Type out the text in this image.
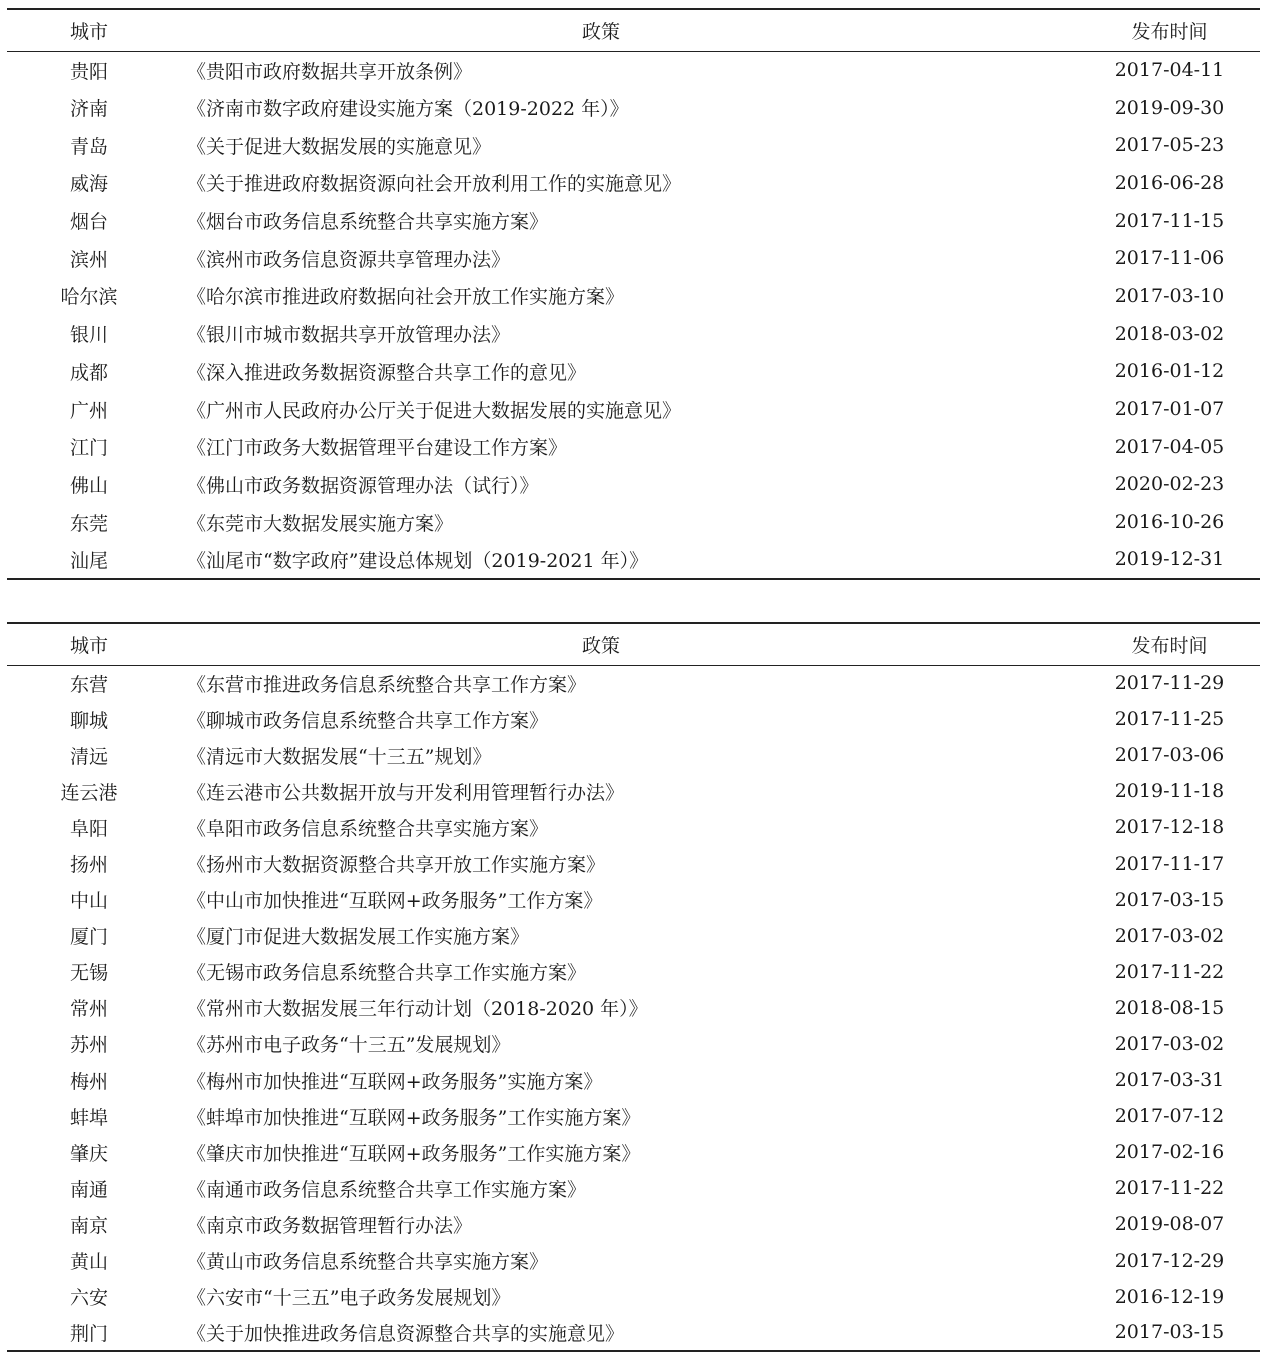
城市	政策	发布时间
贵阳	《贵阳市政府数据共享开放条例》	2017-04-11
济南	《济南市数字政府建设实施方案（2019-2022 年）》	2019-09-30
青岛	《关于促进大数据发展的实施意见》	2017-05-23
威海	《关于推进政府数据资源向社会开放利用工作的实施意见》	2016-06-28
烟台	《烟台市政务信息系统整合共享实施方案》	2017-11-15
滨州	《滨州市政务信息资源共享管理办法》	2017-11-06
哈尔滨	《哈尔滨市推进政府数据向社会开放工作实施方案》	2017-03-10
银川	《银川市城市数据共享开放管理办法》	2018-03-02
成都	《深入推进政务数据资源整合共享工作的意见》	2016-01-12
广州	《广州市人民政府办公厅关于促进大数据发展的实施意见》	2017-01-07
江门	《江门市政务大数据管理平台建设工作方案》	2017-04-05
佛山	《佛山市政务数据资源管理办法（试行）》	2020-02-23
东莞	《东莞市大数据发展实施方案》	2016-10-26
汕尾	《汕尾市“数字政府”建设总体规划（2019-2021 年）》	2019-12-31
城市	政策	发布时间
东营	《东营市推进政务信息系统整合共享工作方案》	2017-11-29
聊城	《聊城市政务信息系统整合共享工作方案》	2017-11-25
清远	《清远市大数据发展“十三五”规划》	2017-03-06
连云港	《连云港市公共数据开放与开发利用管理暂行办法》	2019-11-18
阜阳	《阜阳市政务信息系统整合共享实施方案》	2017-12-18
扬州	《扬州市大数据资源整合共享开放工作实施方案》	2017-11-17
中山	《中山市加快推进“互联网+政务服务”工作方案》	2017-03-15
厦门	《厦门市促进大数据发展工作实施方案》	2017-03-02
无锡	《无锡市政务信息系统整合共享工作实施方案》	2017-11-22
常州	《常州市大数据发展三年行动计划（2018-2020 年）》	2018-08-15
苏州	《苏州市电子政务“十三五”发展规划》	2017-03-02
梅州	《梅州市加快推进“互联网+政务服务”实施方案》	2017-03-31
蚌埠	《蚌埠市加快推进“互联网+政务服务”工作实施方案》	2017-07-12
肇庆	《肇庆市加快推进“互联网+政务服务”工作实施方案》	2017-02-16
南通	《南通市政务信息系统整合共享工作实施方案》	2017-11-22
南京	《南京市政务数据管理暂行办法》	2019-08-07
黄山	《黄山市政务信息系统整合共享实施方案》	2017-12-29
六安	《六安市“十三五”电子政务发展规划》	2016-12-19
荆门	《关于加快推进政务信息资源整合共享的实施意见》	2017-03-15
